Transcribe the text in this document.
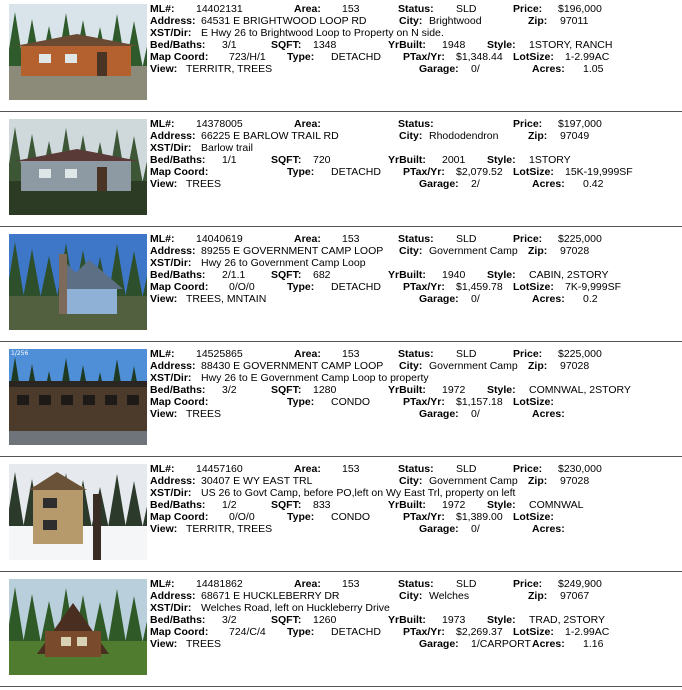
ML#: 14402131	Area: 153	Status: SLD	Price: $196,000
Address: 64531 E BRIGHTWOOD LOOP RD	City: Brightwood	Zip: 97011
XST/Dir: E Hwy 26 to Brightwood Loop to Property on N side.
Bed/Baths: 3/1	SQFT: 1348	YrBuilt: 1948 Style: 1STORY, RANCH
Map Coord: 723/H/1 Type: DETACHD PTax/Yr: $1,348.44 LotSize: 1-2.99AC
View: TERRITR, TREES	Garage: 0/	Acres: 1.05
ML#: 14378005	Area:	Status:	Price: $197,000
Address: 66225 E BARLOW TRAIL RD	City: Rhododendron	Zip: 97049
XST/Dir: Barlow trail
Bed/Baths: 1/1	SQFT: 720	YrBuilt: 2001 Style: 1STORY
Map Coord:	Type: DETACHD PTax/Yr: $2,079.52 LotSize: 15K-19,999SF
View: TREES	Garage: 2/	Acres: 0.42
ML#: 14040619	Area: 153	Status: SLD	Price: $225,000
Address: 89255 E GOVERNMENT CAMP LOOP City: Government Camp Zip: 97028
XST/Dir: Hwy 26 to Government Camp Loop
Bed/Baths: 2/1.1 SQFT: 682	YrBuilt: 1940 Style: CABIN, 2STORY
Map Coord: 0/O/0	Type: DETACHD PTax/Yr: $1,459.78 LotSize: 7K-9,999SF
View: TREES, MNTAIN	Garage: 0/	Acres: 0.2
1/256	ML#: 14525865	Area: 153	Status: SLD	Price: $225,000
Address: 88430 E GOVERNMENT CAMP LOOP City: Government Camp Zip: 97028
XST/Dir: Hwy 26 to E Government Camp Loop to property
Bed/Baths: 3/2	SQFT: 1280	YrBuilt: 1972 Style: COMNWAL, 2STORY
Map Coord:	Type: CONDO	PTax/Yr: $1,157.18 LotSize:
View: TREES	Garage: 0/	Acres:
ML#: 14457160	Area: 153	Status: SLD	Price: $230,000
Address: 30407 E WY EAST TRL	City: Government Camp Zip: 97028
XST/Dir: US 26 to Govt Camp, before PO,left on Wy East Trl, property on left
Bed/Baths: 1/2	SQFT: 833	YrBuilt: 1972 Style: COMNWAL
Map Coord: 0/O/0	Type: CONDO	PTax/Yr: $1,389.00 LotSize:
View: TERRITR, TREES	Garage: 0/	Acres:
ML#: 14481862	Area: 153	Status: SLD	Price: $249,900
Address: 68671 E HUCKLEBERRY DR	City: Welches	Zip: 97067
XST/Dir: Welches Road, left on Huckleberry Drive
Bed/Baths: 3/2	SQFT: 1260	YrBuilt: 1973 Style: TRAD, 2STORY
Map Coord: 724/C/4 Type: DETACHD PTax/Yr: $2,269.37 LotSize: 1-2.99AC
View: TREES	Garage: 1/CARPORT Acres: 1.16
